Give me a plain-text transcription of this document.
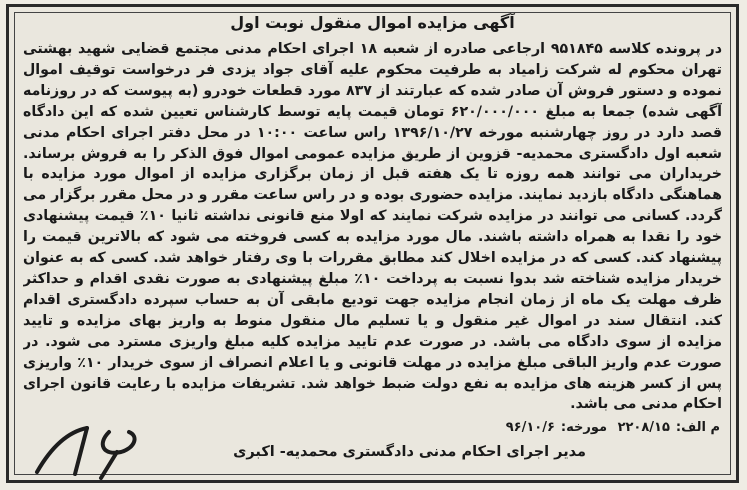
آگهی مزایده اموال منقول نوبت اول

در پرونده کلاسه ۹۵۱۸۴۵ ارجاعی صادره از شعبه ۱۸ اجرای احکام مدنی مجتمع قضایی شهید بهشتی تهران محکوم له شرکت زامیاد به طرفیت محکوم علیه آقای جواد یزدی فر درخواست توقیف اموال نموده و دستور فروش آن صادر شده که عبارتند از ۸۳۷ مورد قطعات خودرو (به پیوست که در روزنامه آگهی شده) جمعا به مبلغ ۶۲۰/۰۰۰/۰۰۰ تومان قیمت پایه توسط کارشناس تعیین شده که این دادگاه قصد دارد در روز چهارشنبه مورخه ۱۳۹۶/۱۰/۲۷ راس ساعت ۱۰:۰۰ در محل دفتر اجرای احکام مدنی شعبه اول دادگستری محمدیه- قزوین از طریق مزایده عمومی اموال فوق الذکر را به فروش برساند. خریداران می توانند همه روزه تا یک هفته قبل از زمان برگزاری مزایده از اموال مورد مزایده با هماهنگی دادگاه بازدید نمایند. مزایده حضوری بوده و در راس ساعت مقرر و در محل مقرر برگزار می گردد. کسانی می توانند در مزایده شرکت نمایند که اولا منع قانونی نداشته ثانیا ۱۰٪ قیمت پیشنهادی خود را نقدا به همراه داشته باشند. مال مورد مزایده به کسی فروخته می شود که بالاترین قیمت را پیشنهاد کند. کسی که در مزایده اخلال کند مطابق مقررات با وی رفتار خواهد شد. کسی که به عنوان خریدار مزایده شناخته شد بدوا نسبت به پرداخت ۱۰٪ مبلغ پیشنهادی به صورت نقدی اقدام و حداکثر ظرف مهلت یک ماه از زمان انجام مزایده جهت تودیع مابقی آن به حساب سپرده دادگستری اقدام کند. انتقال سند در اموال غیر منقول و یا تسلیم مال منقول منوط به واریز بهای مزایده و تایید مزایده از سوی دادگاه می باشد. در صورت عدم تایید مزایده کلیه مبلغ واریزی مسترد می شود. در صورت عدم واریز الباقی مبلغ مزایده در مهلت قانونی و یا اعلام انصراف از سوی خریدار ۱۰٪ واریزی پس از کسر هزینه های مزایده به نفع دولت ضبط خواهد شد. تشریفات مزایده با رعایت قانون اجرای احکام مدنی می باشد.

م الف:۲۲۰۸/۱۵ مورخه:۹۶/۱۰/۶
مدیر اجرای احکام مدنی دادگستری محمدیه- اکبری
